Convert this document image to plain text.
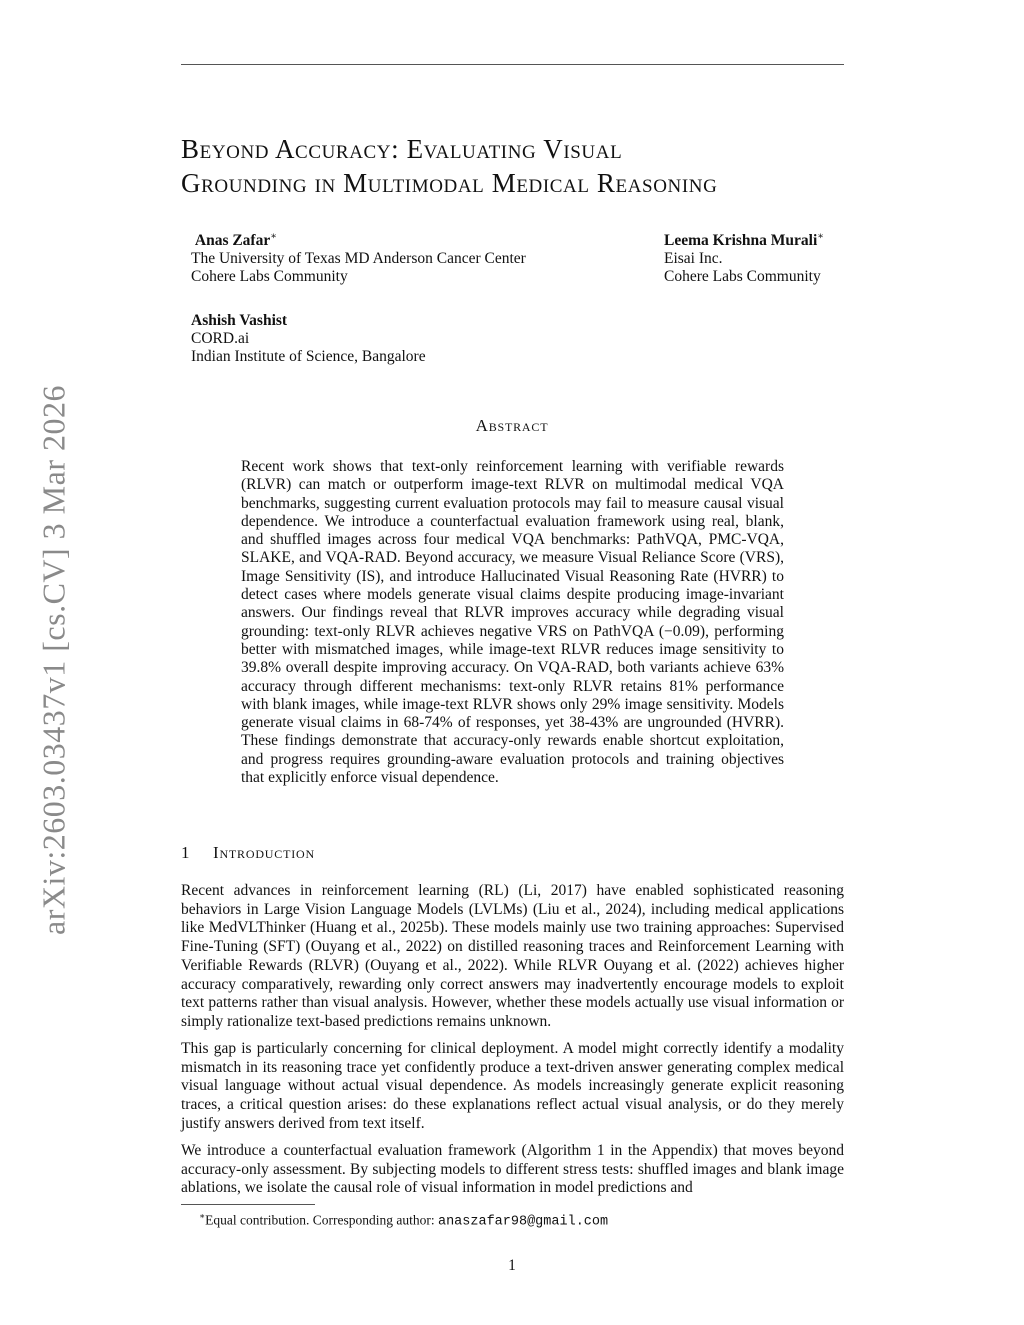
arXiv:2603.03437v1 [cs.CV] 3 Mar 2026
Beyond Accuracy: Evaluating Visual
Grounding in Multimodal Medical Reasoning
Anas Zafar∗
The University of Texas MD Anderson Cancer Center
Cohere Labs Community
Leema Krishna Murali∗
Eisai Inc.
Cohere Labs Community
Ashish Vashist
CORD.ai
Indian Institute of Science, Bangalore
Abstract
Recent work shows that text-only reinforcement learning with verifiable rewards (RLVR) can match or outperform image-text RLVR on multimodal medical VQA benchmarks, suggesting current evaluation protocols may fail to measure causal visual dependence. We introduce a counterfactual evaluation framework using real, blank, and shuffled images across four medical VQA benchmarks: PathVQA, PMC-VQA, SLAKE, and VQA-RAD. Beyond accuracy, we measure Visual Reliance Score (VRS), Image Sensitivity (IS), and introduce Hallucinated Visual Reasoning Rate (HVRR) to detect cases where models generate visual claims despite producing image-invariant answers. Our findings reveal that RLVR improves accuracy while degrading visual grounding: text-only RLVR achieves negative VRS on PathVQA (−0.09), performing better with mismatched images, while image-text RLVR reduces image sensitivity to 39.8% overall despite improving accuracy. On VQA-RAD, both variants achieve 63% accuracy through different mechanisms: text-only RLVR retains 81% performance with blank images, while image-text RLVR shows only 29% image sensitivity. Models generate visual claims in 68-74% of responses, yet 38-43% are ungrounded (HVRR). These findings demonstrate that accuracy-only rewards enable shortcut exploitation, and progress requires grounding-aware evaluation protocols and training objectives that explicitly enforce visual dependence.
1 Introduction
Recent advances in reinforcement learning (RL) (Li, 2017) have enabled sophisticated reasoning behaviors in Large Vision Language Models (LVLMs) (Liu et al., 2024), including medical applications like MedVLThinker (Huang et al., 2025b). These models mainly use two training approaches: Supervised Fine-Tuning (SFT) (Ouyang et al., 2022) on distilled reasoning traces and Reinforcement Learning with Verifiable Rewards (RLVR) (Ouyang et al., 2022). While RLVR Ouyang et al. (2022) achieves higher accuracy comparatively, rewarding only correct answers may inadvertently encourage models to exploit text patterns rather than visual analysis. However, whether these models actually use visual information or simply rationalize text-based predictions remains unknown.
This gap is particularly concerning for clinical deployment. A model might correctly identify a modality mismatch in its reasoning trace yet confidently produce a text-driven answer generating complex medical visual language without actual visual dependence. As models increasingly generate explicit reasoning traces, a critical question arises: do these explanations reflect actual visual analysis, or do they merely justify answers derived from text itself.
We introduce a counterfactual evaluation framework (Algorithm 1 in the Appendix) that moves beyond accuracy-only assessment. By subjecting models to different stress tests: shuffled images and blank image ablations, we isolate the causal role of visual information in model predictions and
∗Equal contribution. Corresponding author: anaszafar98@gmail.com
1
